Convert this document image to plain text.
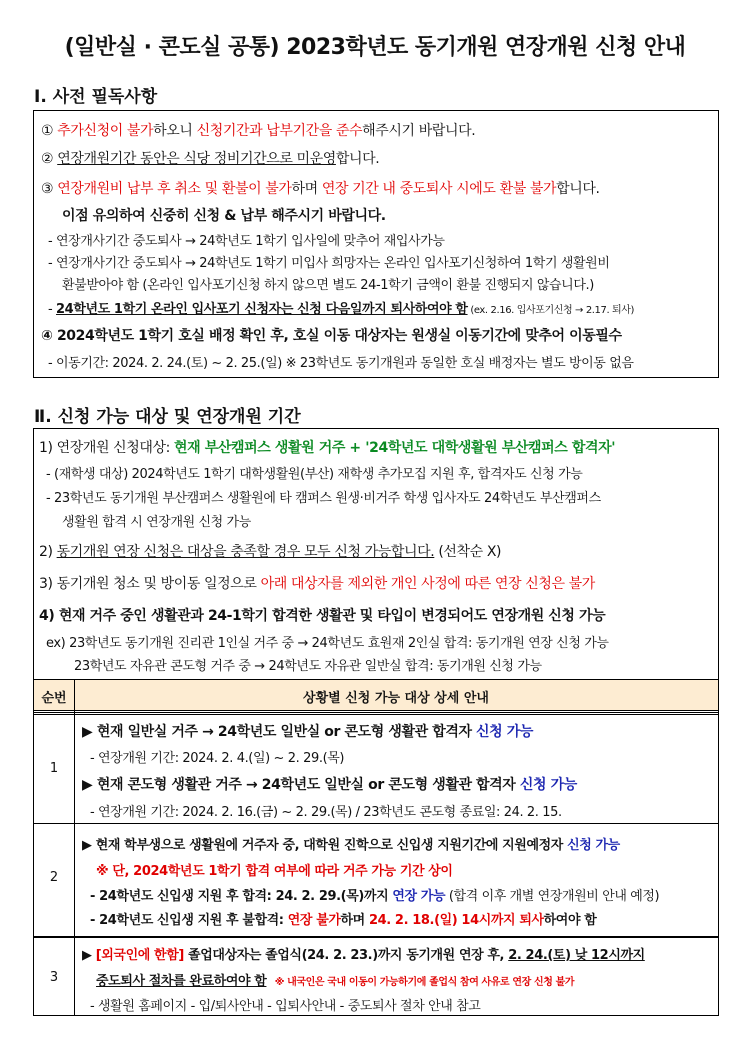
(일반실 · 콘도실 공통) 2023학년도 동기개원 연장개원 신청 안내
Ⅰ. 사전 필독사항
① 추가신청이 불가하오니 신청기간과 납부기간을 준수해주시기 바랍니다.
② 연장개원기간 동안은 식당 정비기간으로 미운영합니다.
③ 연장개원비 납부 후 취소 및 환불이 불가하며 연장 기간 내 중도퇴사 시에도 환불 불가합니다.
이점 유의하여 신중히 신청 & 납부 해주시기 바랍니다.
- 연장개사기간 중도퇴사 → 24학년도 1학기 입사일에 맞추어 재입사가능
- 연장개사기간 중도퇴사 → 24학년도 1학기 미입사 희망자는 온라인 입사포기신청하여 1학기 생활원비
환불받아야 함 (온라인 입사포기신청 하지 않으면 별도 24-1학기 금액이 환불 진행되지 않습니다.)
- 24학년도 1학기 온라인 입사포기 신청자는 신청 다음일까지 퇴사하여야 함 (ex. 2.16. 입사포기신청 → 2.17. 퇴사)
④ 2024학년도 1학기 호실 배정 확인 후, 호실 이동 대상자는 원생실 이동기간에 맞추어 이동필수
- 이동기간: 2024. 2. 24.(토) ~ 2. 25.(일) ※ 23학년도 동기개원과 동일한 호실 배정자는 별도 방이동 없음
Ⅱ. 신청 가능 대상 및 연장개원 기간
1) 연장개원 신청대상: 현재 부산캠퍼스 생활원 거주 + '24학년도 대학생활원 부산캠퍼스 합격자'
- (재학생 대상) 2024학년도 1학기 대학생활원(부산) 재학생 추가모집 지원 후, 합격자도 신청 가능
- 23학년도 동기개원 부산캠퍼스 생활원에 타 캠퍼스 원생·비거주 학생 입사자도 24학년도 부산캠퍼스
생활원 합격 시 연장개원 신청 가능
2) 동기개원 연장 신청은 대상을 충족할 경우 모두 신청 가능합니다. (선착순 X)
3) 동기개원 청소 및 방이동 일정으로 아래 대상자를 제외한 개인 사정에 따른 연장 신청은 불가
4) 현재 거주 중인 생활관과 24-1학기 합격한 생활관 및 타입이 변경되어도 연장개원 신청 가능
ex) 23학년도 동기개원 진리관 1인실 거주 중 → 24학년도 효원재 2인실 합격: 동기개원 연장 신청 가능
23학년도 자유관 콘도형 거주 중 → 24학년도 자유관 일반실 합격: 동기개원 신청 가능
순번	상황별 신청 가능 대상 상세 안내
1
▶ 현재 일반실 거주 → 24학년도 일반실 or 콘도형 생활관 합격자 신청 가능
- 연장개원 기간: 2024. 2. 4.(일) ~ 2. 29.(목)
▶ 현재 콘도형 생활관 거주 → 24학년도 일반실 or 콘도형 생활관 합격자 신청 가능
- 연장개원 기간: 2024. 2. 16.(금) ~ 2. 29.(목) / 23학년도 콘도형 종료일: 24. 2. 15.
2
▶ 현재 학부생으로 생활원에 거주자 중, 대학원 진학으로 신입생 지원기간에 지원예정자 신청 가능
※ 단, 2024학년도 1학기 합격 여부에 따라 거주 가능 기간 상이
- 24학년도 신입생 지원 후 합격: 24. 2. 29.(목)까지 연장 가능 (합격 이후 개별 연장개원비 안내 예정)
- 24학년도 신입생 지원 후 불합격: 연장 불가하며 24. 2. 18.(일) 14시까지 퇴사하여야 함
3
▶ [외국인에 한함] 졸업대상자는 졸업식(24. 2. 23.)까지 동기개원 연장 후, 2. 24.(토) 낮 12시까지
중도퇴사 절차를 완료하여야 함 ※ 내국인은 국내 이동이 가능하기에 졸업식 참여 사유로 연장 신청 불가
- 생활원 홈페이지 - 입/퇴사안내 - 입퇴사안내 - 중도퇴사 절차 안내 참고
